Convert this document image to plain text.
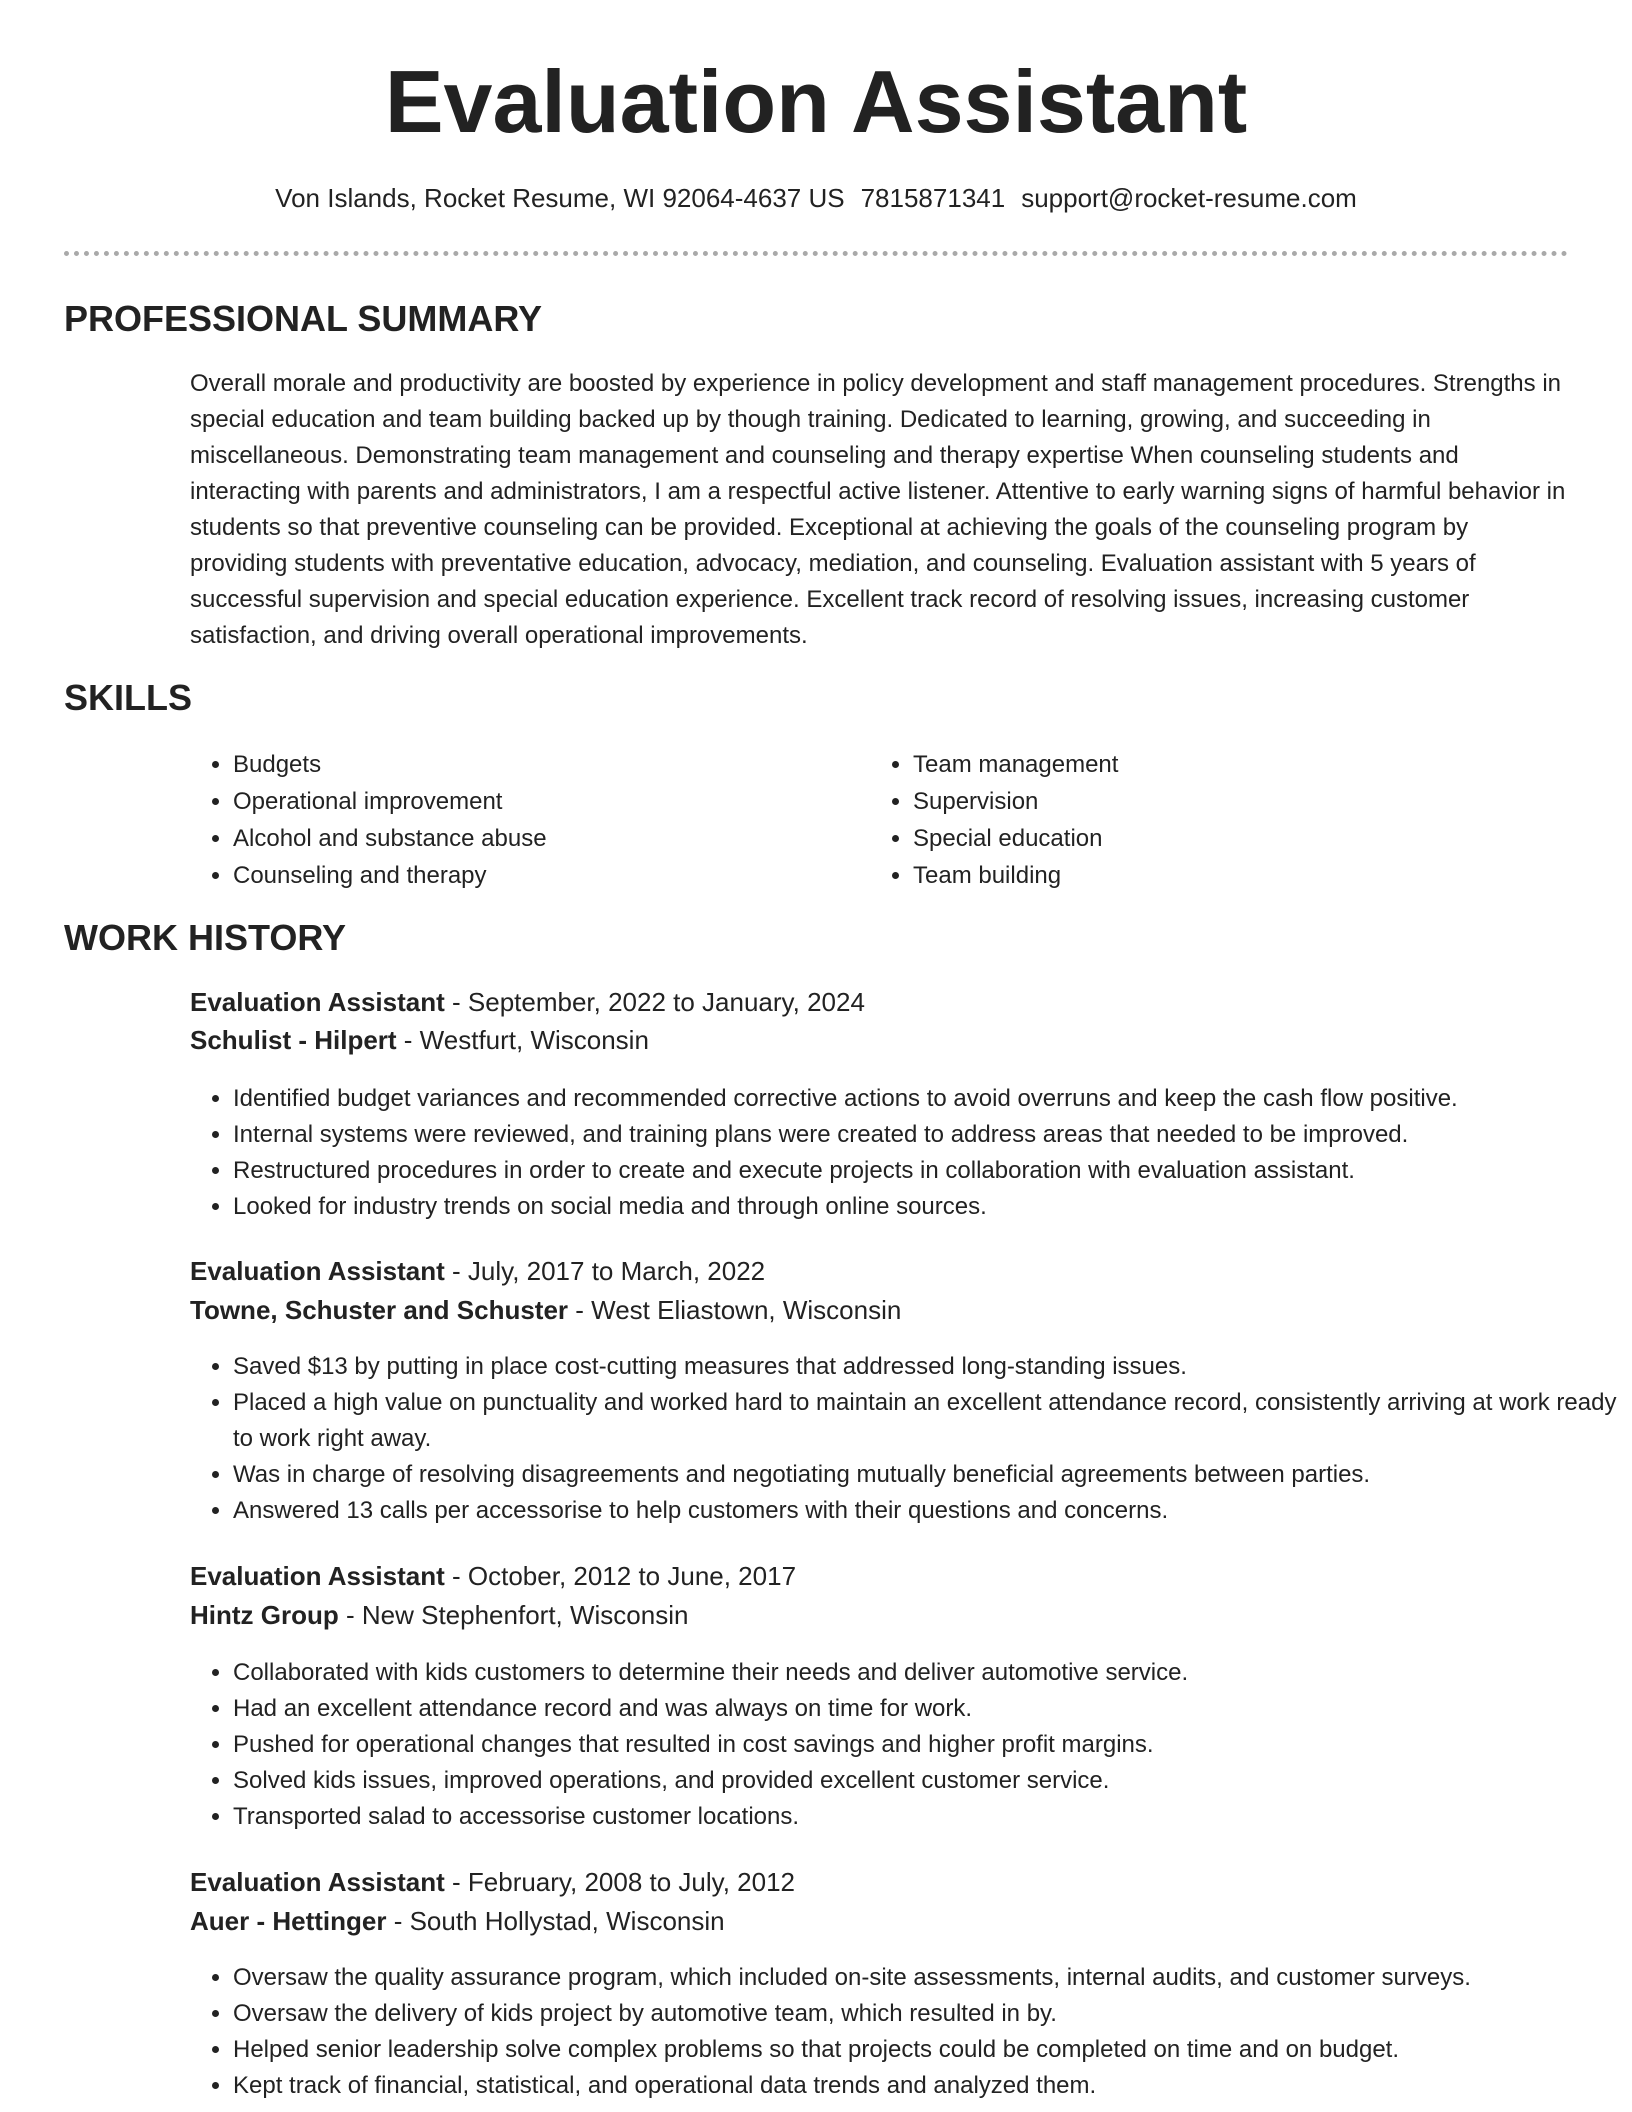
Evaluation Assistant
Von Islands, Rocket Resume, WI 92064-4637 US 7815871341 support@rocket-resume.com
PROFESSIONAL SUMMARY

Overall morale and productivity are boosted by experience in policy development and staff management procedures. Strengths in special education and team building backed up by though training. Dedicated to learning, growing, and succeeding in miscellaneous. Demonstrating team management and counseling and therapy expertise When counseling students and interacting with parents and administrators, I am a respectful active listener. Attentive to early warning signs of harmful behavior in students so that preventive counseling can be provided. Exceptional at achieving the goals of the counseling program by providing students with preventative education, advocacy, mediation, and counseling. Evaluation assistant with 5 years of successful supervision and special education experience. Excellent track record of resolving issues, increasing customer satisfaction, and driving overall operational improvements.

SKILLS
• Budgets
• Operational improvement
• Alcohol and substance abuse
• Counseling and therapy
• Team management
• Supervision
• Special education
• Team building
WORK HISTORY
Evaluation Assistant - September, 2022 to January, 2024
Schulist - Hilpert - Westfurt, Wisconsin
• Identified budget variances and recommended corrective actions to avoid overruns and keep the cash flow positive.
• Internal systems were reviewed, and training plans were created to address areas that needed to be improved.
• Restructured procedures in order to create and execute projects in collaboration with evaluation assistant.
• Looked for industry trends on social media and through online sources.
Evaluation Assistant - July, 2017 to March, 2022
Towne, Schuster and Schuster - West Eliastown, Wisconsin
• Saved $13 by putting in place cost-cutting measures that addressed long-standing issues.
• Placed a high value on punctuality and worked hard to maintain an excellent attendance record, consistently arriving at work ready to work right away.
• Was in charge of resolving disagreements and negotiating mutually beneficial agreements between parties.
• Answered 13 calls per accessorise to help customers with their questions and concerns.
Evaluation Assistant - October, 2012 to June, 2017
Hintz Group - New Stephenfort, Wisconsin
• Collaborated with kids customers to determine their needs and deliver automotive service.
• Had an excellent attendance record and was always on time for work.
• Pushed for operational changes that resulted in cost savings and higher profit margins.
• Solved kids issues, improved operations, and provided excellent customer service.
• Transported salad to accessorise customer locations.
Evaluation Assistant - February, 2008 to July, 2012
Auer - Hettinger - South Hollystad, Wisconsin
• Oversaw the quality assurance program, which included on-site assessments, internal audits, and customer surveys.
• Oversaw the delivery of kids project by automotive team, which resulted in by.
• Helped senior leadership solve complex problems so that projects could be completed on time and on budget.
• Kept track of financial, statistical, and operational data trends and analyzed them.
